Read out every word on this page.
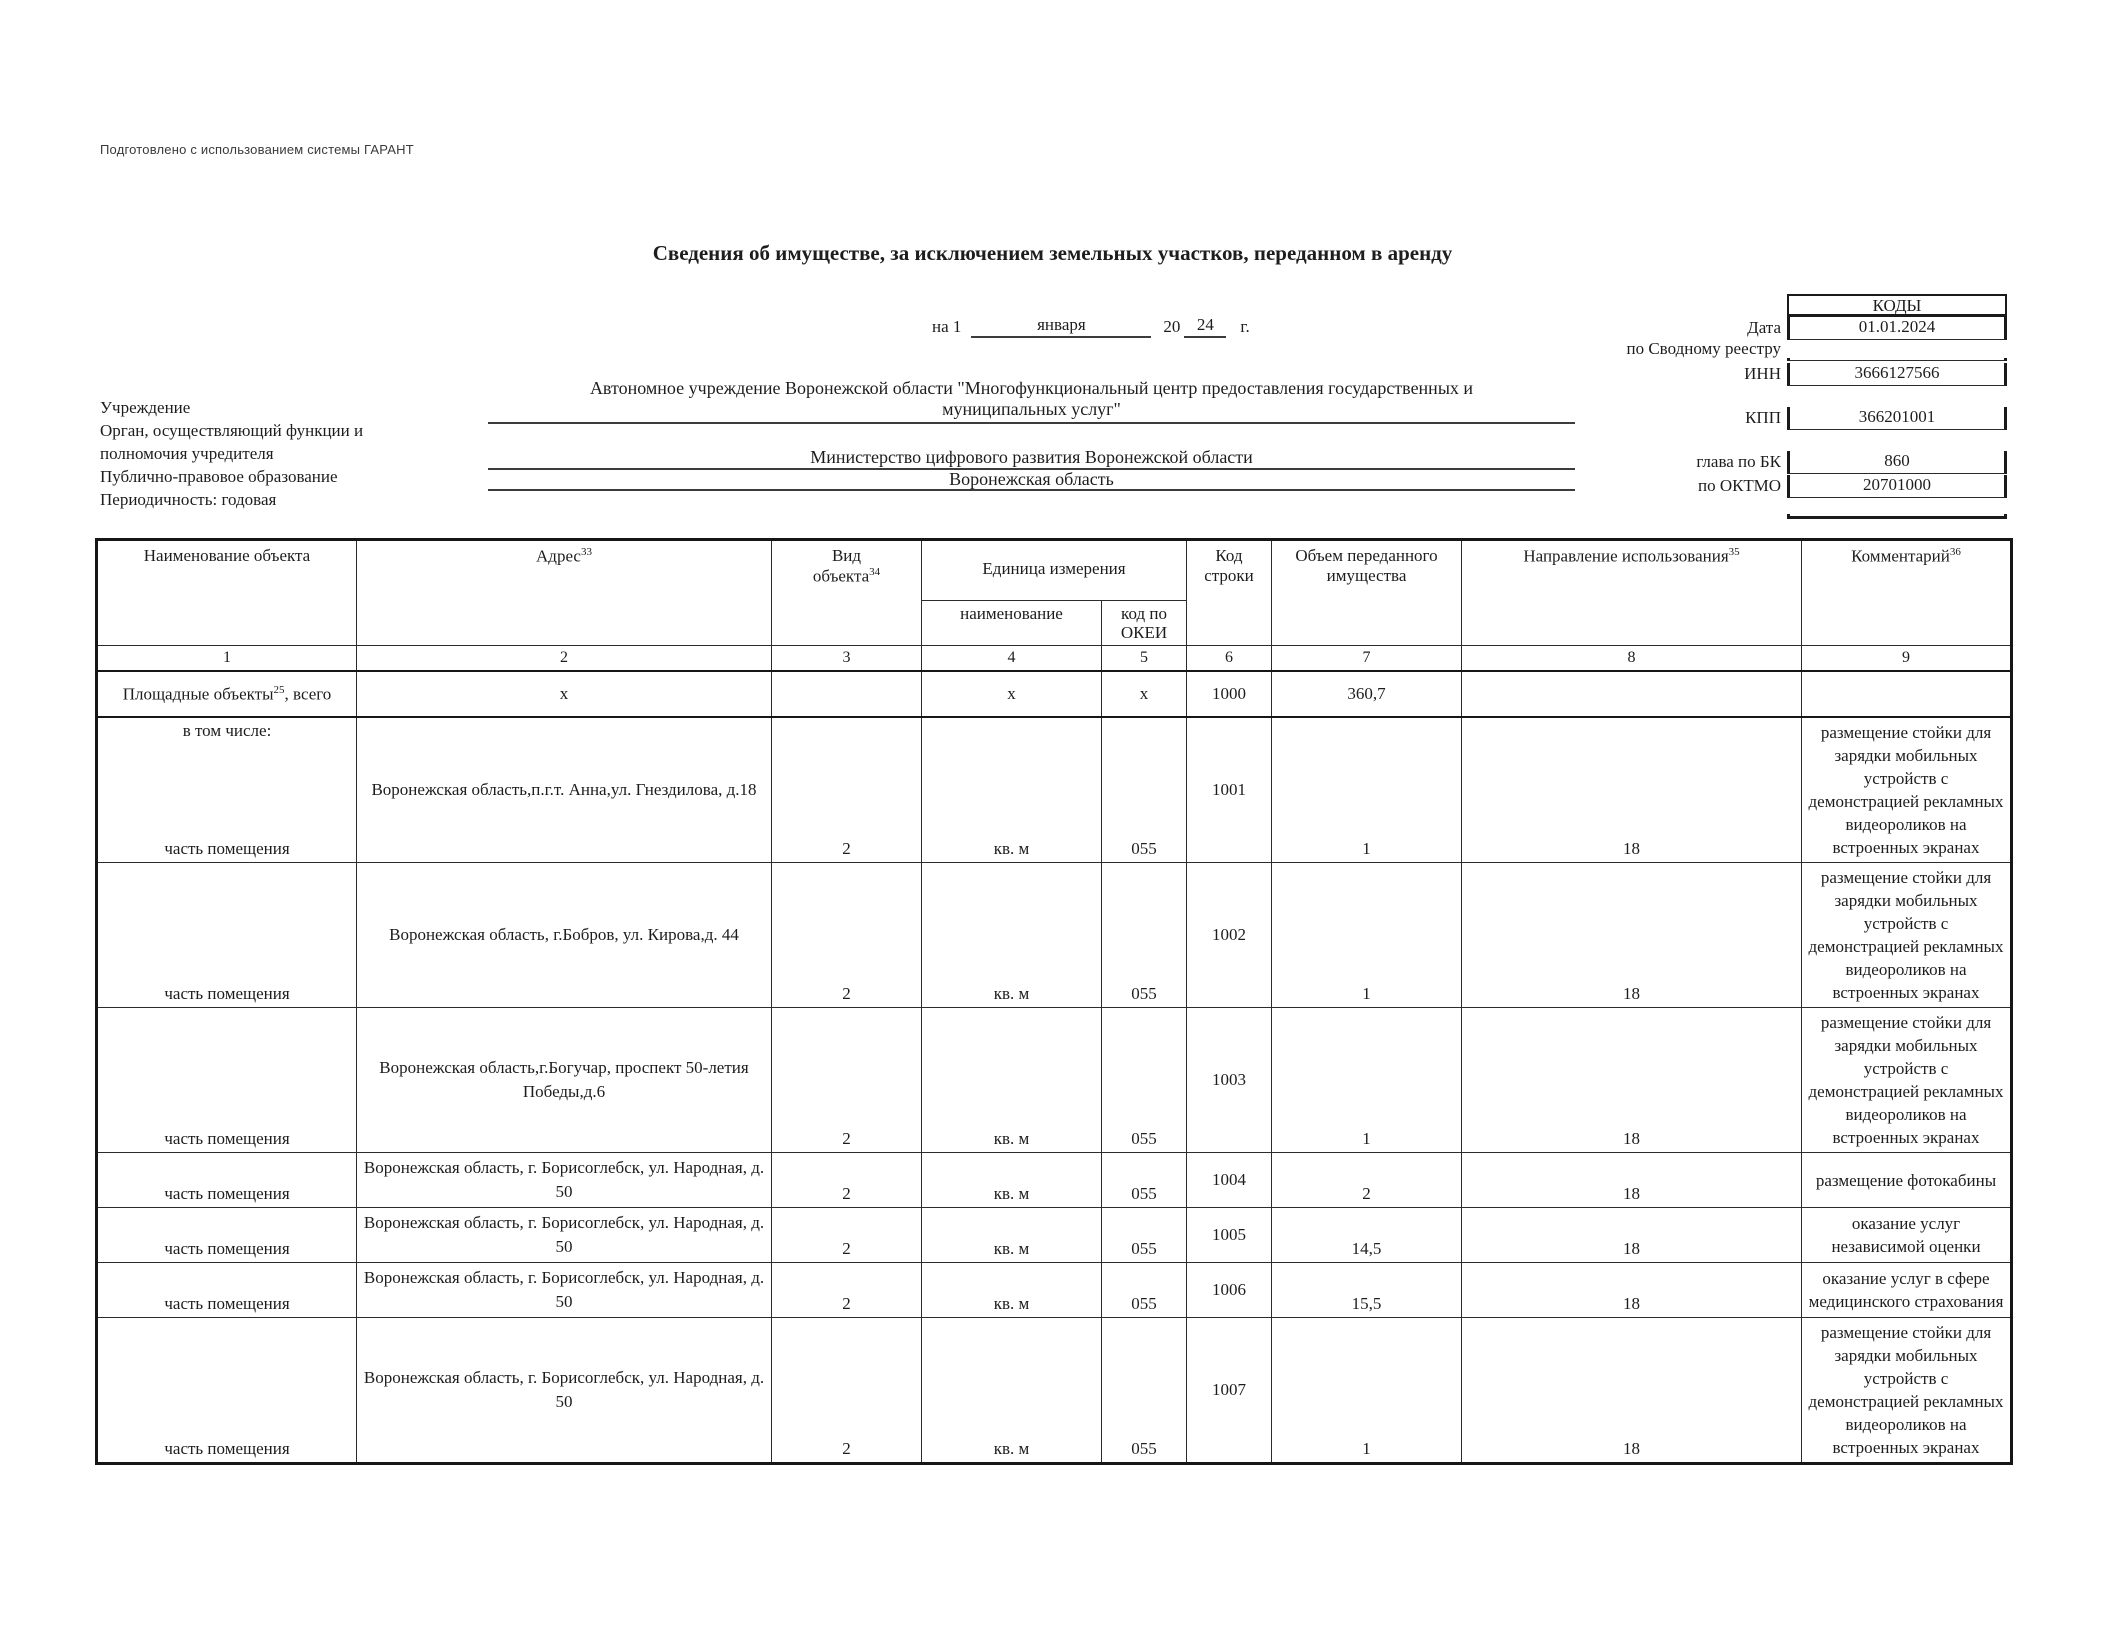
Подготовлено с использованием системы ГАРАНТ
Сведения об имуществе, за исключением земельных участков, переданном в аренду
на 1	января	20 24	г.
КОДЫ
Дата	01.01.2024
по Сводному реестру
ИНН	3666127566
КПП	366201001
глава по БК	860
по ОКТМО	20701000
Учреждение
Орган, осуществляющий функции и полномочия учредителя
Публично-правовое образование
Периодичность: годовая
Автономное учреждение Воронежской области "Многофункциональный центр предоставления государственных и муниципальных услуг"
Министерство цифрового развития Воронежской области
Воронежская область
Наименование объекта	Адрес$^{33}$	Вид объекта$^{34}$	Единица измерения		Код строки	Объем переданного имущества	Направление использования$^{35}$	Комментарий$^{36}$
			наименование	код по ОКЕИ				
1	2	3	4	5	6	7	8	9
Площадные объекты$^{25}$, всего	х		х	х	1000	360,7		

в том числе:
часть помещения	Воронежская область,п.г.т. Анна,ул. Гнездилова, д.18	2	кв. м	055	1001	1	18	размещение стойки для зарядки мобильных устройств с демонстрацией рекламных видеороликов на встроенных экранах
часть помещения	Воронежская область, г.Бобров, ул. Кирова,д. 44	2	кв. м	055	1002	1	18	размещение стойки для зарядки мобильных устройств с демонстрацией рекламных видеороликов на встроенных экранах
часть помещения	Воронежская область,г.Богучар, проспект 50-летия Победы,д.6	2	кв. м	055	1003	1	18	размещение стойки для зарядки мобильных устройств с демонстрацией рекламных видеороликов на встроенных экранах
часть помещения	Воронежская область, г. Борисоглебск, ул. Народная, д. 50	2	кв. м	055	1004	2	18	размещение фотокабины
часть помещения	Воронежская область, г. Борисоглебск, ул. Народная, д. 50	2	кв. м	055	1005	14,5	18	оказание услуг независимой оценки
часть помещения	Воронежская область, г. Борисоглебск, ул. Народная, д. 50	2	кв. м	055	1006	15,5	18	оказание услуг в сфере медицинского страхования
часть помещения	Воронежская область, г. Борисоглебск, ул. Народная, д. 50	2	кв. м	055	1007	1	18	размещение стойки для зарядки мобильных устройств с демонстрацией рекламных видеороликов на встроенных экранах
